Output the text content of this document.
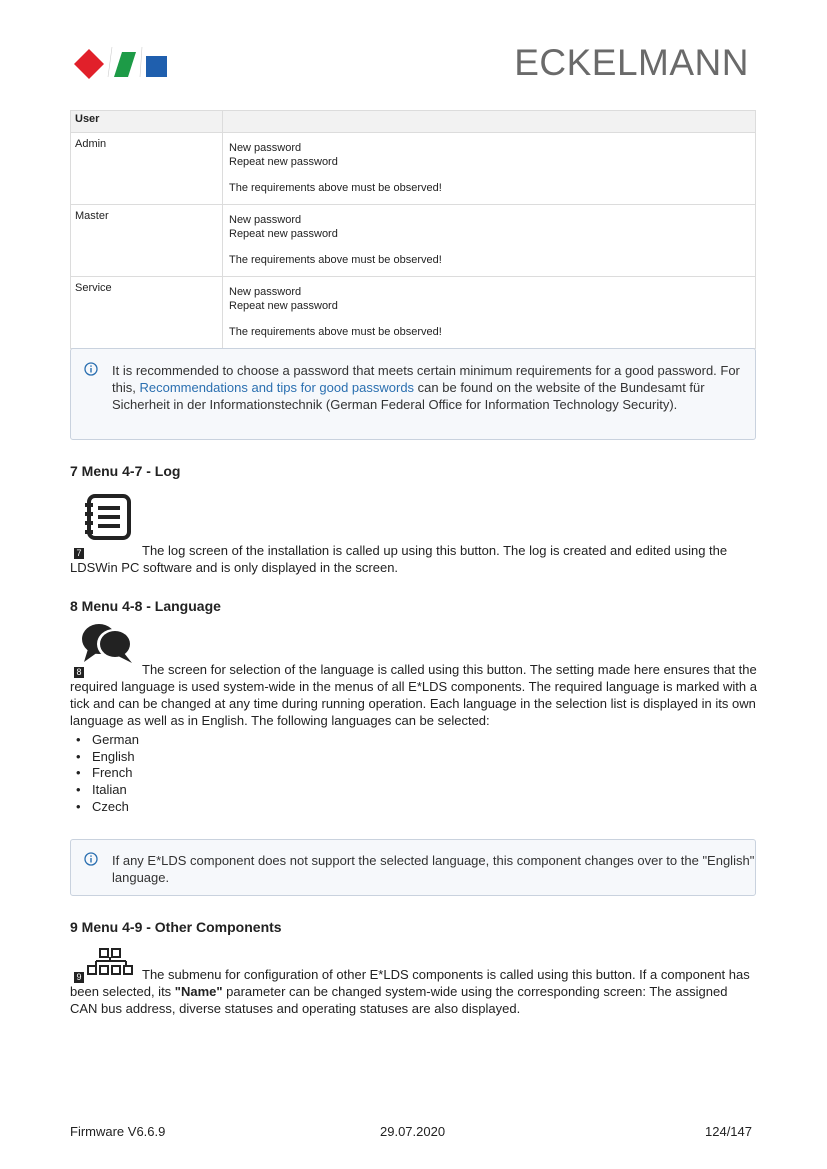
ECKELMANN
User	
Admin	New password
Repeat new password
The requirements above must be observed!

Master	New password
Repeat new password
The requirements above must be observed!

Service	New password
Repeat new password
The requirements above must be observed!
It is recommended to choose a password that meets certain minimum requirements for a good password. For this, Recommendations and tips for good passwords can be found on the website of the Bundesamt für Sicherheit in der Informationstechnik (German Federal Office for Information Technology Security).
7 Menu 4-7 - Log
7	The log screen of the installation is called up using this button. The log is created and edited using the LDSWin PC software and is only displayed in the screen.
8 Menu 4-8 - Language
8	The screen for selection of the language is called using this button. The setting made here ensures that the required language is used system-wide in the menus of all E*LDS components. The required language is marked with a tick and can be changed at any time during running operation. Each language in the selection list is displayed in its own language as well as in English. The following languages can be selected:
• German
• English
• French
• Italian
• Czech
If any E*LDS component does not support the selected language, this component changes over to the "English" language.
9 Menu 4-9 - Other Components
9	The submenu for configuration of other E*LDS components is called using this button. If a component has been selected, its "Name" parameter can be changed system-wide using the corresponding screen: The assigned CAN bus address, diverse statuses and operating statuses are also displayed.
Firmware V6.6.9	29.07.2020	124/147
